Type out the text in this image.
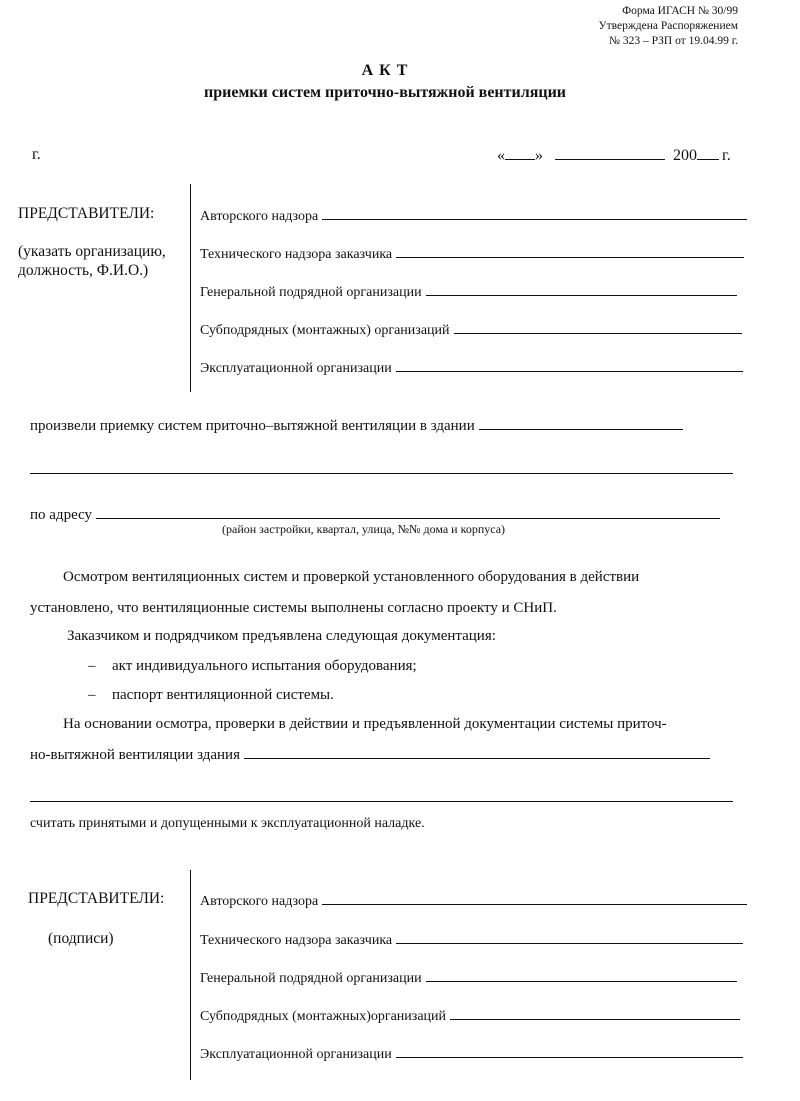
Форма ИГАСН № 30/99
Утверждена Распоряжением
№ 323 – РЗП от 19.04.99 г.
А К Т
приемки систем приточно-вытяжной вентиляции
г.	« »	200 г.
ПРЕДСТАВИТЕЛИ:
(указать организацию,
должность, Ф.И.О.)
Авторского надзора
Технического надзора заказчика
Генеральной подрядной организации
Субподрядных (монтажных) организаций
Эксплуатационной организации
произвели приемку систем приточно–вытяжной вентиляции в здании
по адресу
(район застройки, квартал, улица, №№ дома и корпуса)
Осмотром вентиляционных систем и проверкой установленного оборудования в действии
установлено, что вентиляционные системы выполнены согласно проекту и СНиП.
Заказчиком и подрядчиком предъявлена следующая документация:
– акт индивидуального испытания оборудования;
– паспорт вентиляционной системы.
На основании осмотра, проверки в действии и предъявленной документации системы приточ-
но-вытяжной вентиляции здания
считать принятыми и допущенными к эксплуатационной наладке.
ПРЕДСТАВИТЕЛИ:
(подписи)
Авторского надзора
Технического надзора заказчика
Генеральной подрядной организации
Субподрядных (монтажных)организаций
Эксплуатационной организации
